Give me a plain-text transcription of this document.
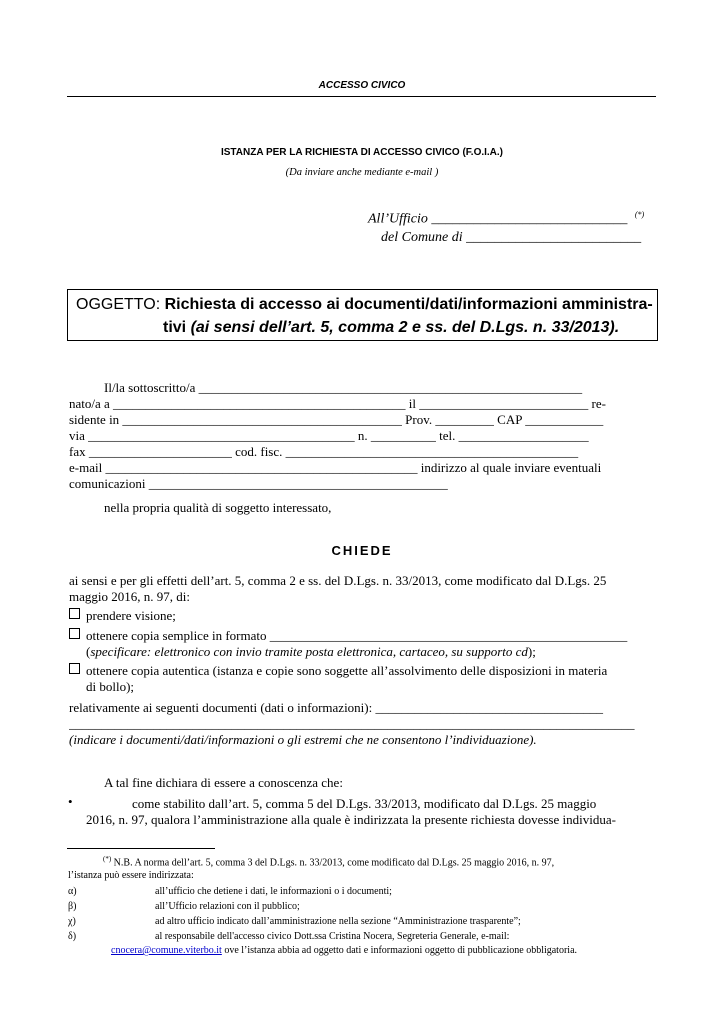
ACCESSO CIVICO
ISTANZA PER LA RICHIESTA DI ACCESSO CIVICO (F.O.I.A.)
(Da inviare anche mediante e-mail )
All’Ufficio ____________________________ (*)
del Comune di _________________________
OGGETTO: Richiesta di accesso ai documenti/dati/informazioni amministra-
tivi (ai sensi dell’art. 5, comma 2 e ss. del D.Lgs. n. 33/2013).
Il/la sottoscritto/a ___________________________________________________________
nato/a a _____________________________________________ il __________________________ re-
sidente in ___________________________________________ Prov. _________ CAP ____________
via _________________________________________ n. __________ tel. ____________________
fax ______________________ cod. fisc. _____________________________________________
e-mail ________________________________________________ indirizzo al quale inviare eventuali
comunicazioni ______________________________________________
nella propria qualità di soggetto interessato,
CHIEDE
ai sensi e per gli effetti dell’art. 5, comma 2 e ss. del D.Lgs. n. 33/2013, come modificato dal D.Lgs. 25
maggio 2016, n. 97, di:
prendere visione;
ottenere copia semplice in formato _______________________________________________________
(specificare: elettronico con invio tramite posta elettronica, cartaceo, su supporto cd);
ottenere copia autentica (istanza e copie sono soggette all’assolvimento delle disposizioni in materia
di bollo);
relativamente ai seguenti documenti (dati o informazioni): ___________________________________
_______________________________________________________________________________________
(indicare i documenti/dati/informazioni o gli estremi che ne consentono l’individuazione).
A tal fine dichiara di essere a conoscenza che:
•	come stabilito dall’art. 5, comma 5 del D.Lgs. 33/2013, modificato dal D.Lgs. 25 maggio
2016, n. 97, qualora l’amministrazione alla quale è indirizzata la presente richiesta dovesse individua-
(*) N.B. A norma dell’art. 5, comma 3 del D.Lgs. n. 33/2013, come modificato dal D.Lgs. 25 maggio 2016, n. 97,
l’istanza può essere indirizzata:
α)	all’ufficio che detiene i dati, le informazioni o i documenti;
β)	all’Ufficio relazioni con il pubblico;
χ)	ad altro ufficio indicato dall’amministrazione nella sezione “Amministrazione trasparente”;
δ)	al responsabile dell'accesso civico Dott.ssa Cristina Nocera, Segreteria Generale, e-mail:
cnocera@comune.viterbo.it ove l’istanza abbia ad oggetto dati e informazioni oggetto di pubblicazione obbligatoria.
